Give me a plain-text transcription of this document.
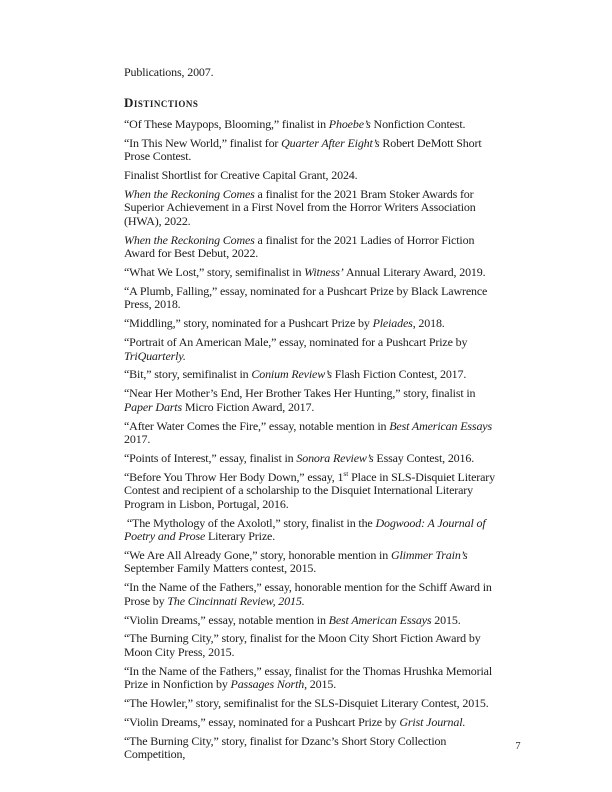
Publications, 2007.

Distinctions

“Of These Maypops, Blooming,” finalist in Phoebe’s Nonfiction Contest.

“In This New World,” finalist for Quarter After Eight’s Robert DeMott Short Prose Contest.

Finalist Shortlist for Creative Capital Grant, 2024.

When the Reckoning Comes a finalist for the 2021 Bram Stoker Awards for Superior Achievement in a First Novel from the Horror Writers Association (HWA), 2022.

When the Reckoning Comes a finalist for the 2021 Ladies of Horror Fiction Award for Best Debut, 2022.

“What We Lost,” story, semifinalist in Witness’ Annual Literary Award, 2019.

“A Plumb, Falling,” essay, nominated for a Pushcart Prize by Black Lawrence Press, 2018.

“Middling,” story, nominated for a Pushcart Prize by Pleiades, 2018.

“Portrait of An American Male,” essay, nominated for a Pushcart Prize by TriQuarterly.

“Bit,” story, semifinalist in Conium Review’s Flash Fiction Contest, 2017.

“Near Her Mother’s End, Her Brother Takes Her Hunting,” story, finalist in Paper Darts Micro Fiction Award, 2017.

“After Water Comes the Fire,” essay, notable mention in Best American Essays 2017.

“Points of Interest,” essay, finalist in Sonora Review’s Essay Contest, 2016.

“Before You Throw Her Body Down,” essay, 1st Place in SLS-Disquiet Literary Contest and recipient of a scholarship to the Disquiet International Literary Program in Lisbon, Portugal, 2016.

“The Mythology of the Axolotl,” story, finalist in the Dogwood: A Journal of Poetry and Prose Literary Prize.

“We Are All Already Gone,” story, honorable mention in Glimmer Train’s September Family Matters contest, 2015.

“In the Name of the Fathers,” essay, honorable mention for the Schiff Award in Prose by The Cincinnati Review, 2015.

“Violin Dreams,” essay, notable mention in Best American Essays 2015.

“The Burning City,” story, finalist for the Moon City Short Fiction Award by Moon City Press, 2015.

“In the Name of the Fathers,” essay, finalist for the Thomas Hrushka Memorial Prize in Nonfiction by Passages North, 2015.

“The Howler,” story, semifinalist for the SLS-Disquiet Literary Contest, 2015.

“Violin Dreams,” essay, nominated for a Pushcart Prize by Grist Journal.

“The Burning City,” story, finalist for Dzanc’s Short Story Collection Competition,

7
